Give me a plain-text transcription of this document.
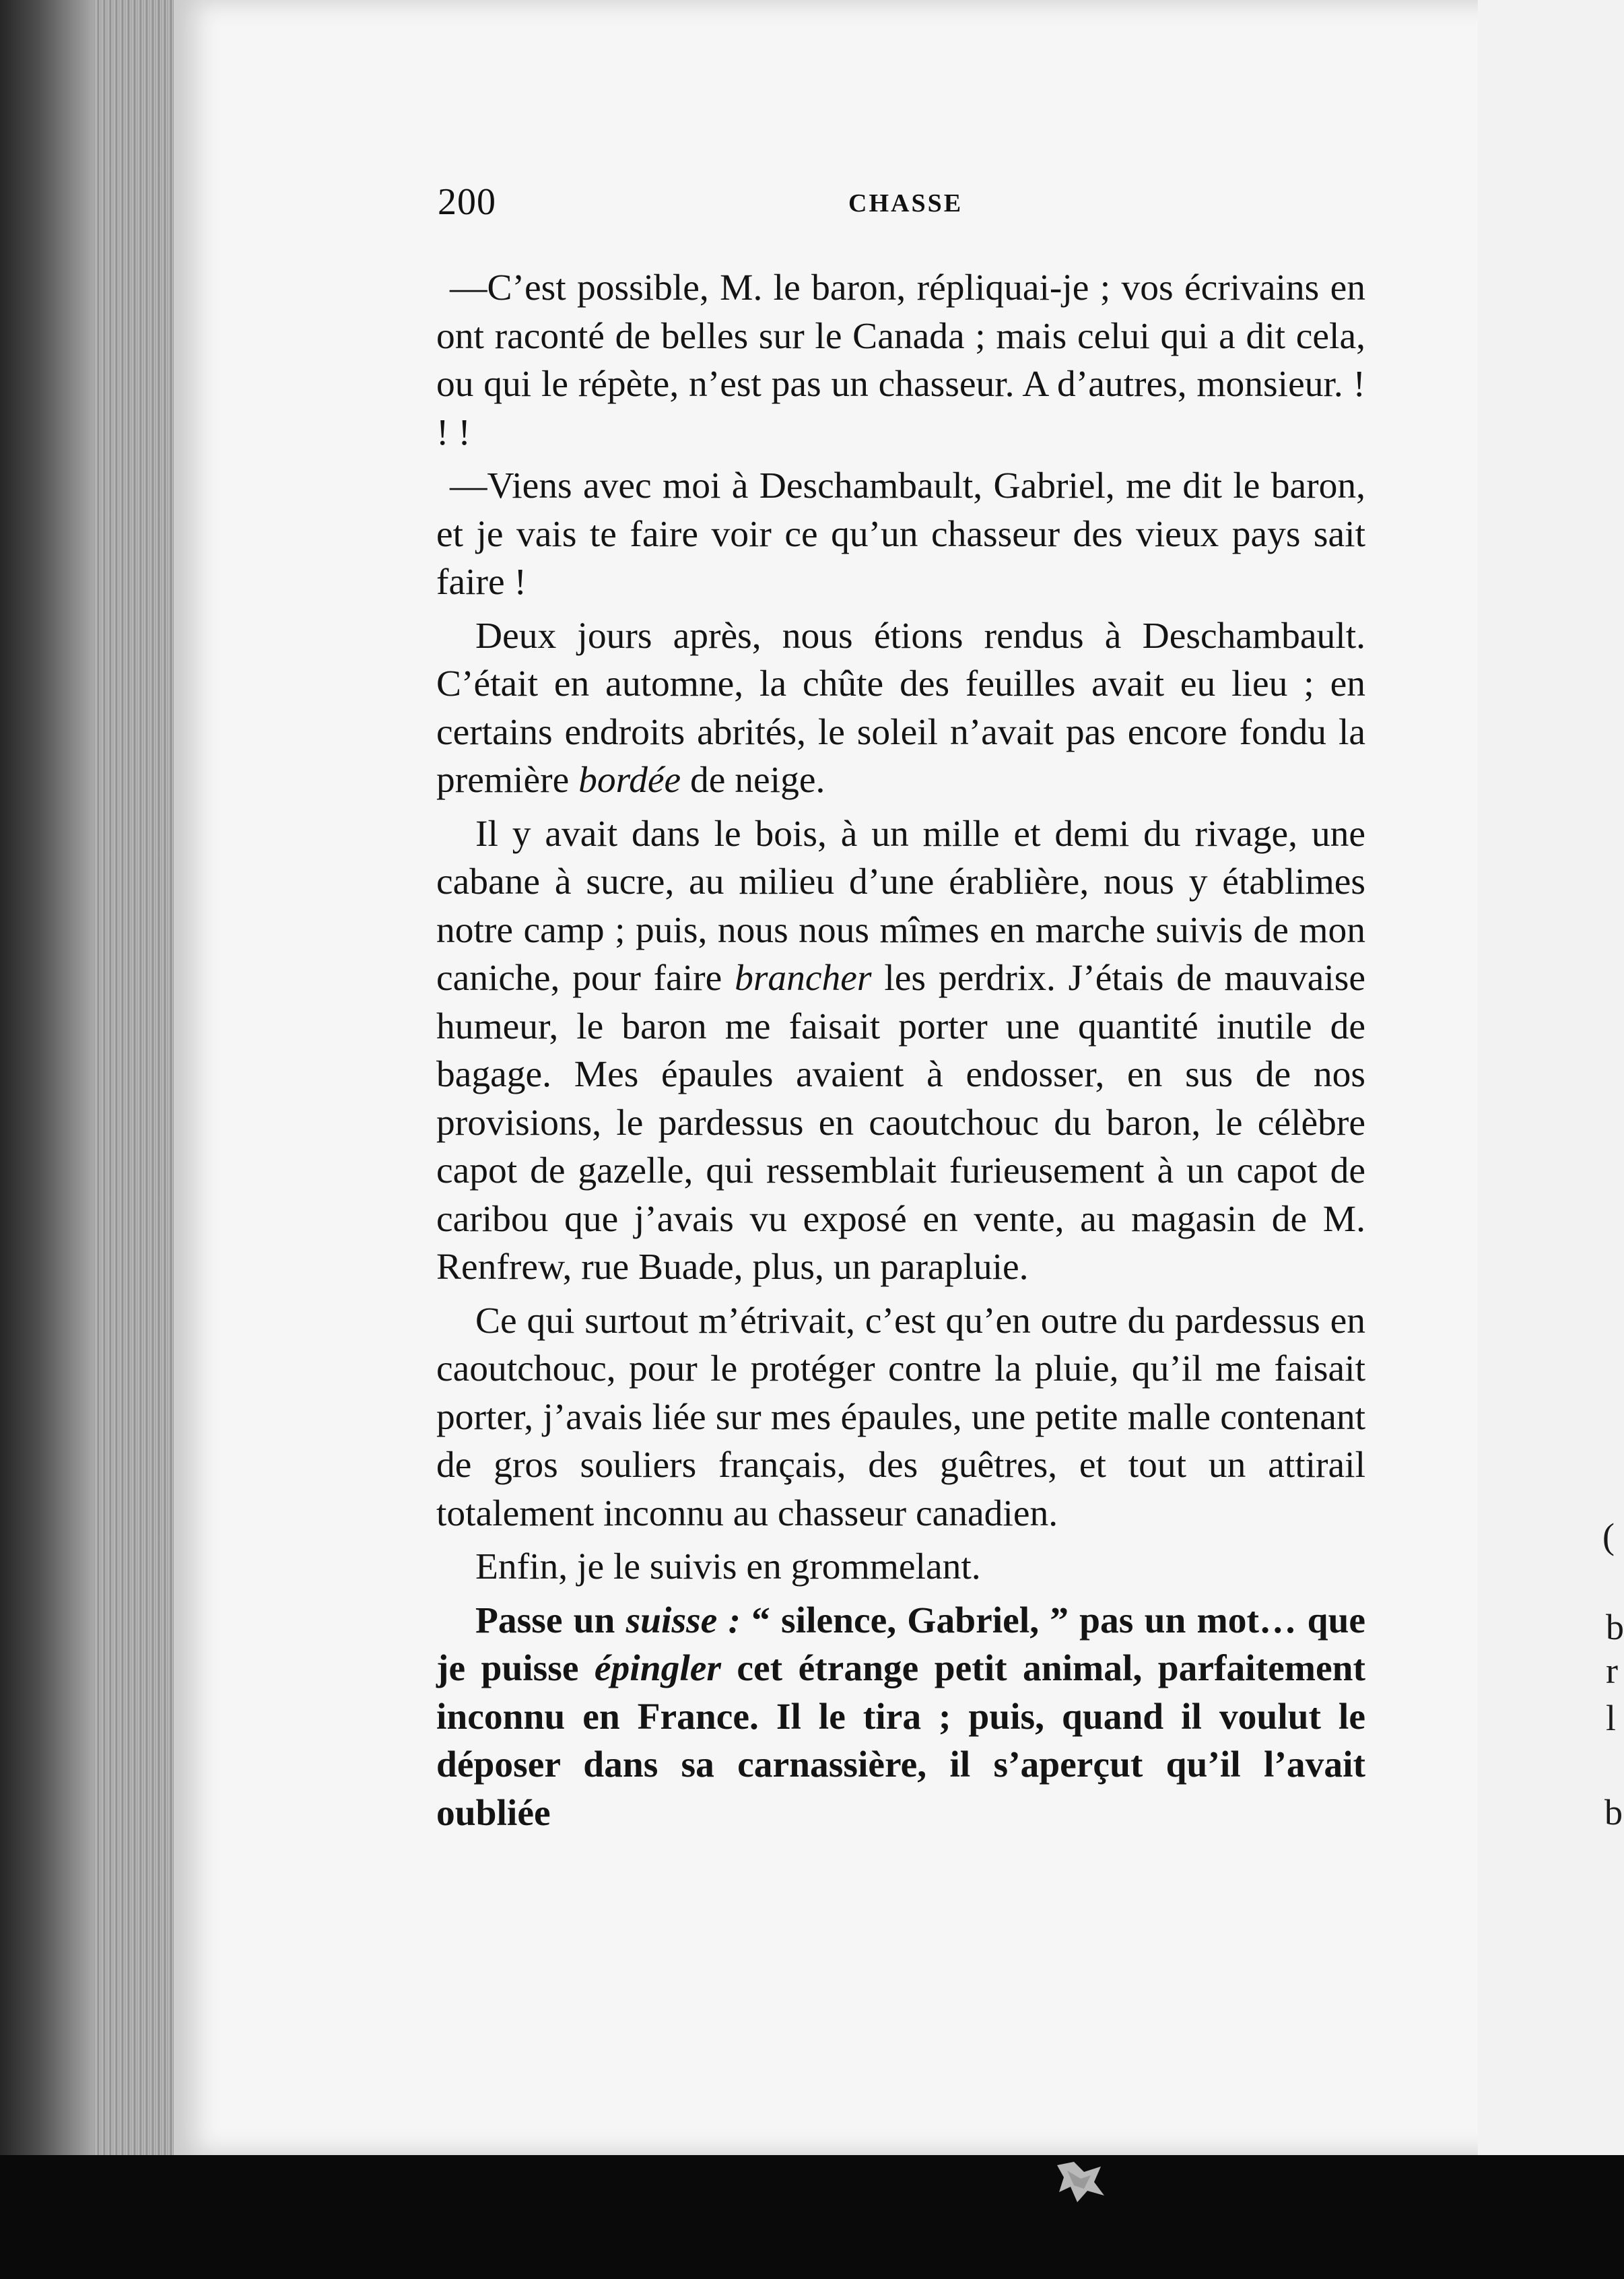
200	CHASSE

—C’est possible, M. le baron, répliquai-je ; vos écrivains en ont raconté de belles sur le Canada ; mais celui qui a dit cela, ou qui le répète, n’est pas un chasseur. A d’autres, monsieur. ! ! !

—Viens avec moi à Deschambault, Gabriel, me dit le baron, et je vais te faire voir ce qu’un chasseur des vieux pays sait faire !

Deux jours après, nous étions rendus à Deschambault. C’était en automne, la chûte des feuilles avait eu lieu ; en certains endroits abrités, le soleil n’avait pas encore fondu la première bordée de neige.

Il y avait dans le bois, à un mille et demi du rivage, une cabane à sucre, au milieu d’une érablière, nous y établimes notre camp ; puis, nous nous mîmes en marche suivis de mon caniche, pour faire brancher les perdrix. J’étais de mauvaise humeur, le baron me faisait porter une quantité inutile de bagage. Mes épaules avaient à endosser, en sus de nos provisions, le pardessus en caoutchouc du baron, le célèbre capot de gazelle, qui ressemblait furieusement à un capot de caribou que j’avais vu exposé en vente, au magasin de M. Renfrew, rue Buade, plus, un parapluie.

Ce qui surtout m’étrivait, c’est qu’en outre du pardessus en caoutchouc, pour le protéger contre la pluie, qu’il me faisait porter, j’avais liée sur mes épaules, une petite malle contenant de gros souliers français, des guêtres, et tout un attirail totalement inconnu au chasseur canadien.

Enfin, je le suivis en grommelant.

Passe un suisse : “ silence, Gabriel, ” pas un mot… que je puisse épingler cet étrange petit animal, parfaitement inconnu en France. Il le tira ; puis, quand il voulut le déposer dans sa carnassière, il s’aperçut qu’il l’avait oubliée

(
b
r
l
b
